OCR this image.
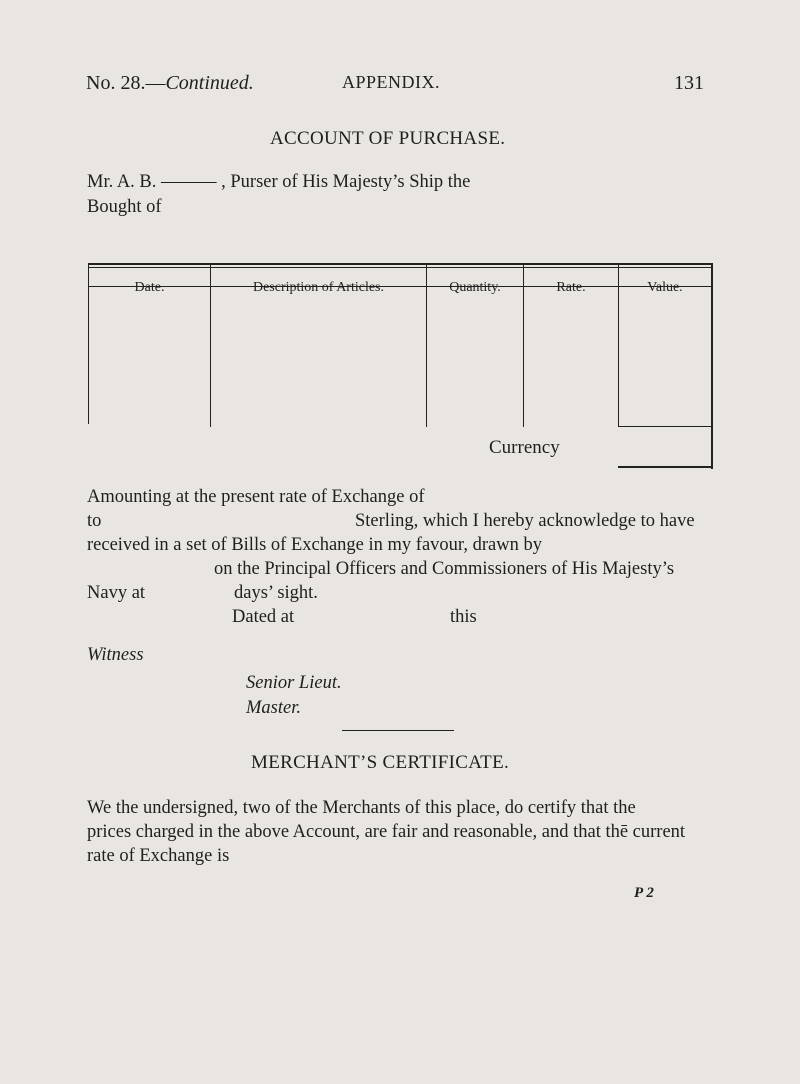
No. 28.—Continued.	APPENDIX.	131
ACCOUNT OF PURCHASE.
Mr. A. B. ——— , Purser of His Majesty’s Ship the
Bought of
Date.	Description of Articles.	Quantity.	Rate.	Value.
Currency
Amounting at the present rate of Exchange of
to	Sterling, which I hereby acknowledge to have
received in a set of Bills of Exchange in my favour, drawn by
on the Principal Officers and Commissioners of His Majesty’s
Navy at	days’ sight.
Dated at	this
Witness
Senior Lieut.
Master.
MERCHANT’S CERTIFICATE.
We the undersigned, two of the Merchants of this place, do certify that the
prices charged in the above Account, are fair and reasonable, and that thē current
rate of Exchange is
P 2
